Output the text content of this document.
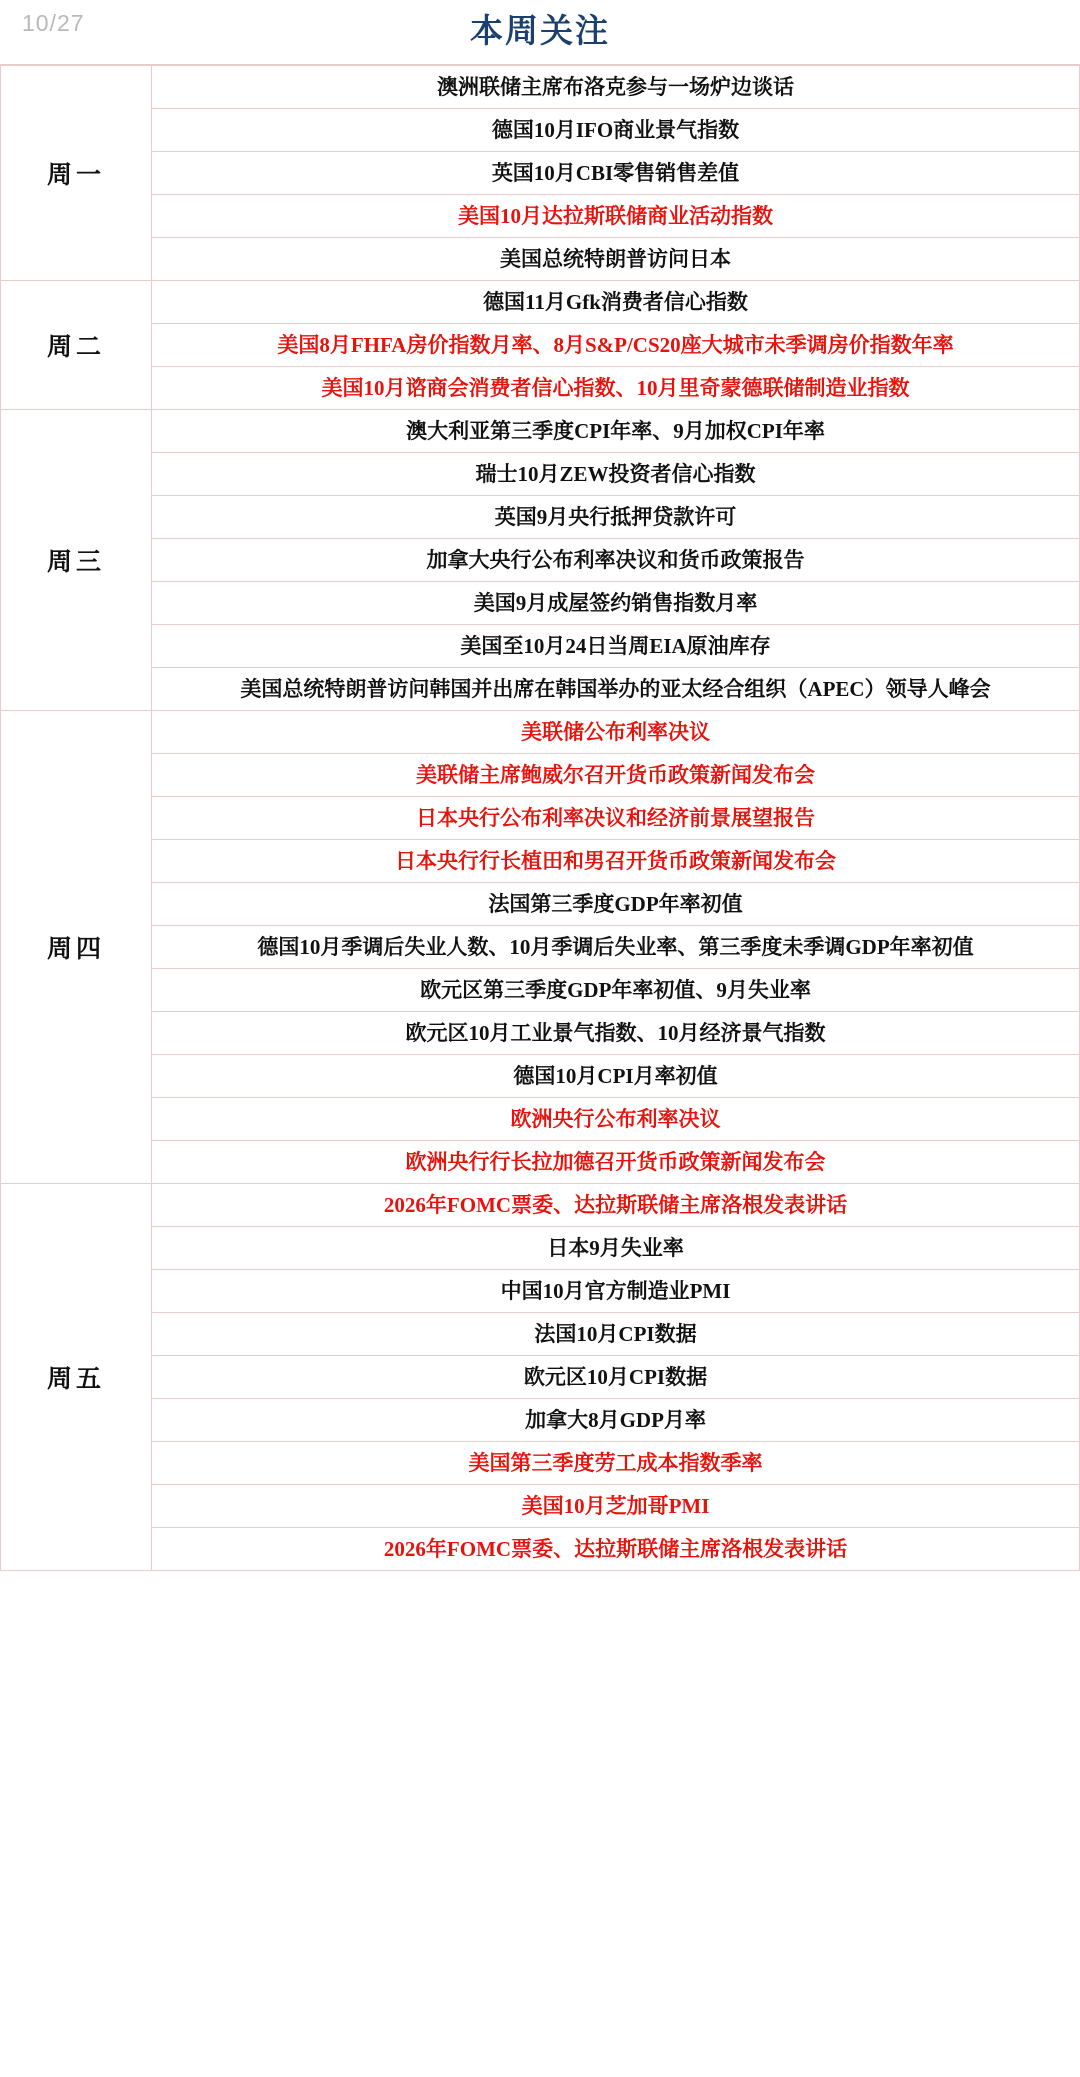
10/27	本周关注
周一	澳洲联储主席布洛克参与一场炉边谈话
	德国10月IFO商业景气指数
	英国10月CBI零售销售差值
	美国10月达拉斯联储商业活动指数
	美国总统特朗普访问日本
周二	德国11月Gfk消费者信心指数
	美国8月FHFA房价指数月率、8月S&P/CS20座大城市未季调房价指数年率
	美国10月谘商会消费者信心指数、10月里奇蒙德联储制造业指数
周三	澳大利亚第三季度CPI年率、9月加权CPI年率
	瑞士10月ZEW投资者信心指数
	英国9月央行抵押贷款许可
	加拿大央行公布利率决议和货币政策报告
	美国9月成屋签约销售指数月率
	美国至10月24日当周EIA原油库存
	美国总统特朗普访问韩国并出席在韩国举办的亚太经合组织（APEC）领导人峰会
周四	美联储公布利率决议
	美联储主席鲍威尔召开货币政策新闻发布会
	日本央行公布利率决议和经济前景展望报告
	日本央行行长植田和男召开货币政策新闻发布会
	法国第三季度GDP年率初值
	德国10月季调后失业人数、10月季调后失业率、第三季度未季调GDP年率初值
	欧元区第三季度GDP年率初值、9月失业率
	欧元区10月工业景气指数、10月经济景气指数
	德国10月CPI月率初值
	欧洲央行公布利率决议
	欧洲央行行长拉加德召开货币政策新闻发布会
周五	2026年FOMC票委、达拉斯联储主席洛根发表讲话
	日本9月失业率
	中国10月官方制造业PMI
	法国10月CPI数据
	欧元区10月CPI数据
	加拿大8月GDP月率
	美国第三季度劳工成本指数季率
	美国10月芝加哥PMI
	2026年FOMC票委、达拉斯联储主席洛根发表讲话
